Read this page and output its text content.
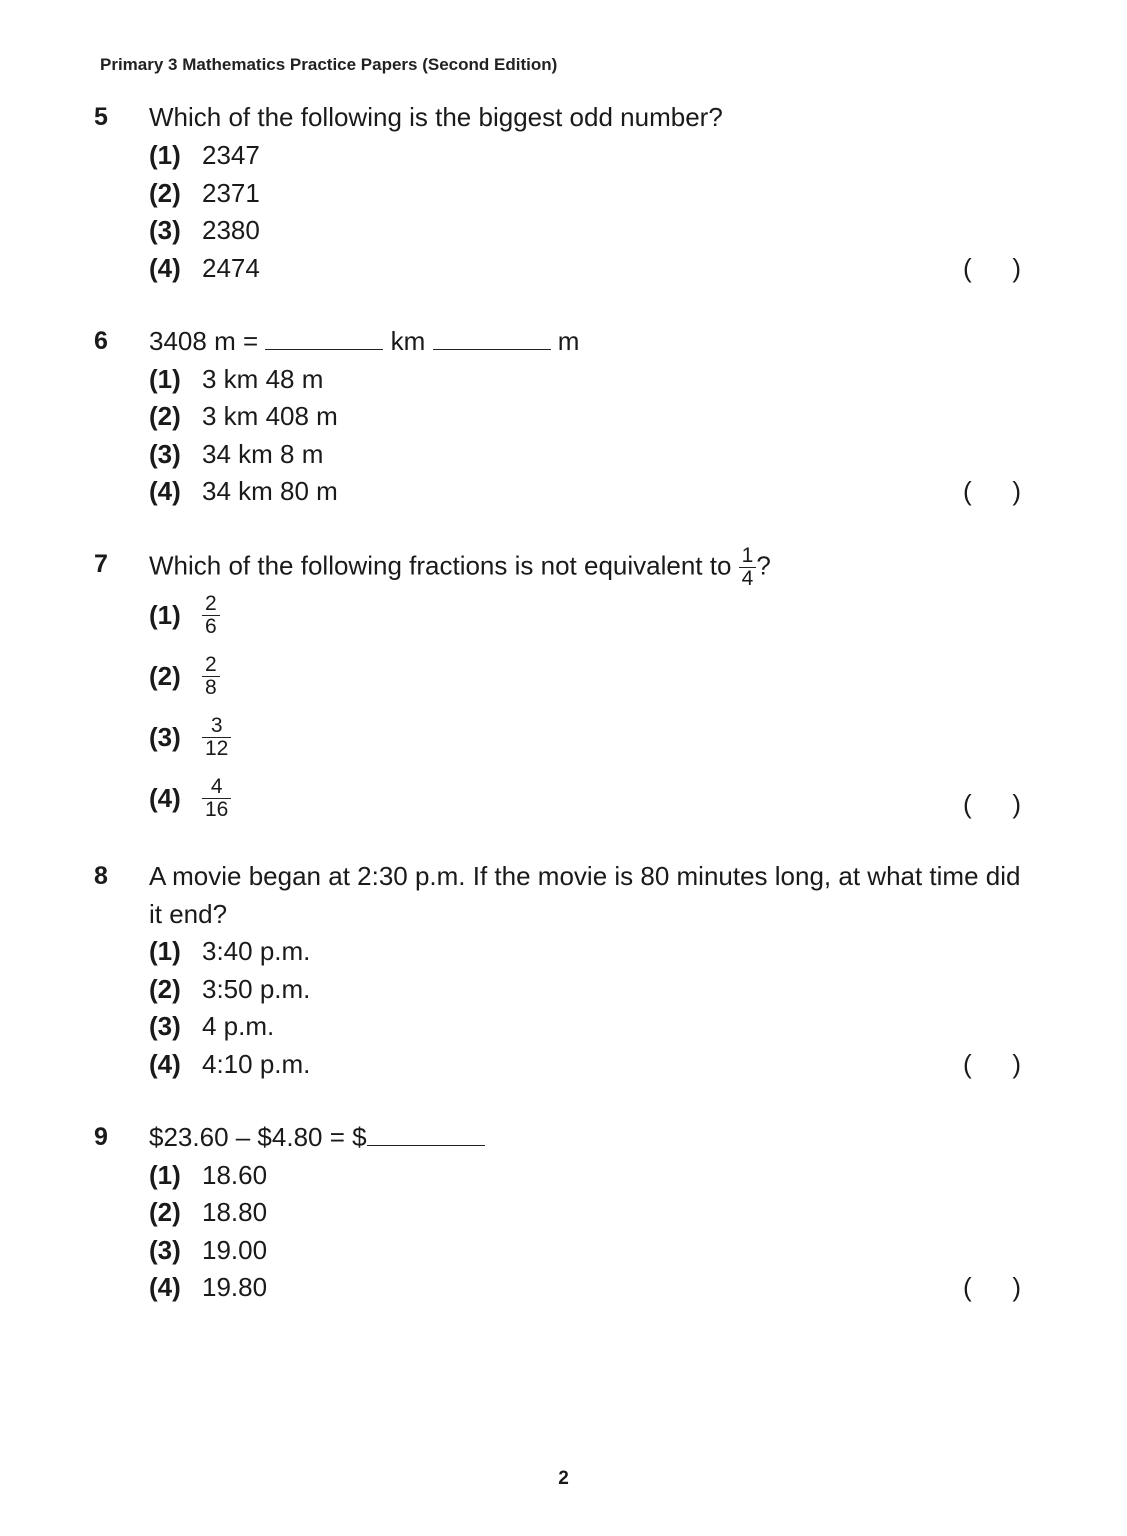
Primary 3 Mathematics Practice Papers (Second Edition)
5 Which of the following is the biggest odd number?
(1) 2347
(2) 2371
(3) 2380
(4) 2474	( )
6 3408 m =	km	m
(1) 3 km 48 m
(2) 3 km 408 m
(3) 34 km 8 m
(4) 34 km 80 m	( )
7 Which of the following fractions is not equivalent to $\frac{1}{4}$ ?
$(1) \frac{2}{6}$
$(2) \frac{2}{8}$
$(3) \frac{3}{12}$
$(4) \frac{4}{16}$	( )
8 A movie began at 2:30 p.m. If the movie is 80 minutes long, at what time did it end?
(1) 3:40 p.m.
(2) 3:50 p.m.
(3) 4 p.m.
(4) 4:10 p.m.	( )
9 $23.60 – $4.80 = $
(1) 18.60
(2) 18.80
(3) 19.00
(4) 19.80	( )
2
